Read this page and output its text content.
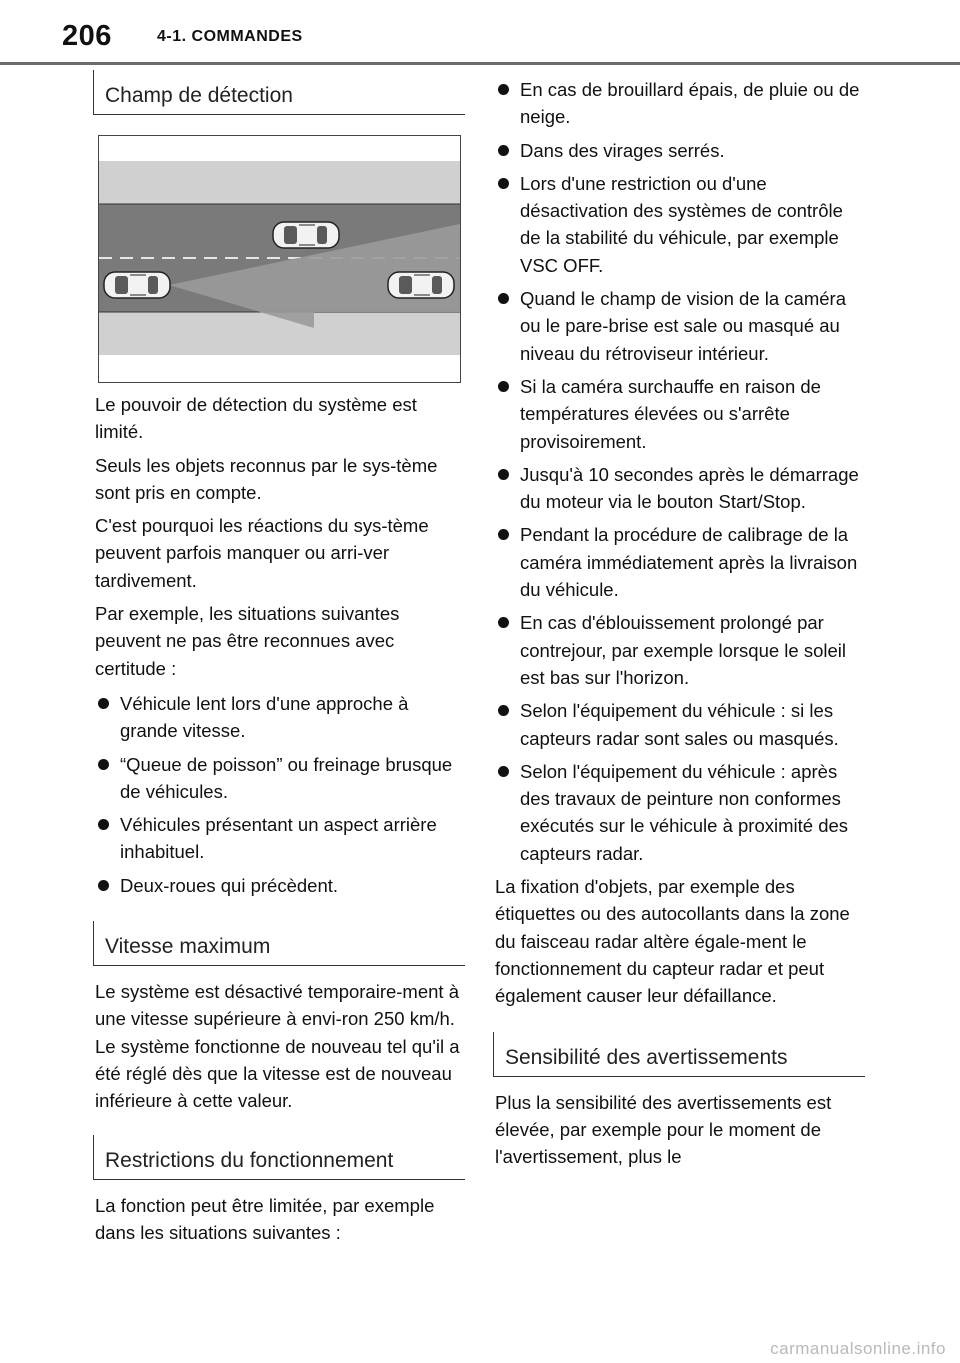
206	4-1. COMMANDES
Champ de détection

Le pouvoir de détection du système est limité.

Seuls les objets reconnus par le sys-tème sont pris en compte.

C'est pourquoi les réactions du sys-tème peuvent parfois manquer ou arri-ver tardivement.

Par exemple, les situations suivantes peuvent ne pas être reconnues avec certitude :

Véhicule lent lors d'une approche à grande vitesse.
“Queue de poisson” ou freinage brusque de véhicules.
Véhicules présentant un aspect arrière inhabituel.
Deux-roues qui précèdent.
Vitesse maximum

Le système est désactivé temporaire-ment à une vitesse supérieure à envi-ron 250 km/h. Le système fonctionne de nouveau tel qu'il a été réglé dès que la vitesse est de nouveau inférieure à cette valeur.

Restrictions du fonctionnement

La fonction peut être limitée, par exemple dans les situations suivantes :

En cas de brouillard épais, de pluie ou de neige.
Dans des virages serrés.
Lors d'une restriction ou d'une désactivation des systèmes de contrôle de la stabilité du véhicule, par exemple VSC OFF.
Quand le champ de vision de la caméra ou le pare-brise est sale ou masqué au niveau du rétroviseur intérieur.
Si la caméra surchauffe en raison de températures élevées ou s'arrête provisoirement.
Jusqu'à 10 secondes après le démarrage du moteur via le bouton Start/Stop.
Pendant la procédure de calibrage de la caméra immédiatement après la livraison du véhicule.
En cas d'éblouissement prolongé par contrejour, par exemple lorsque le soleil est bas sur l'horizon.
Selon l'équipement du véhicule : si les capteurs radar sont sales ou masqués.
Selon l'équipement du véhicule : après des travaux de peinture non conformes exécutés sur le véhicule à proximité des capteurs radar.

La fixation d'objets, par exemple des étiquettes ou des autocollants dans la zone du faisceau radar altère égale-ment le fonctionnement du capteur radar et peut également causer leur défaillance.

Sensibilité des avertissements

Plus la sensibilité des avertissements est élevée, par exemple pour le moment de l'avertissement, plus le

carmanualsonline.info
